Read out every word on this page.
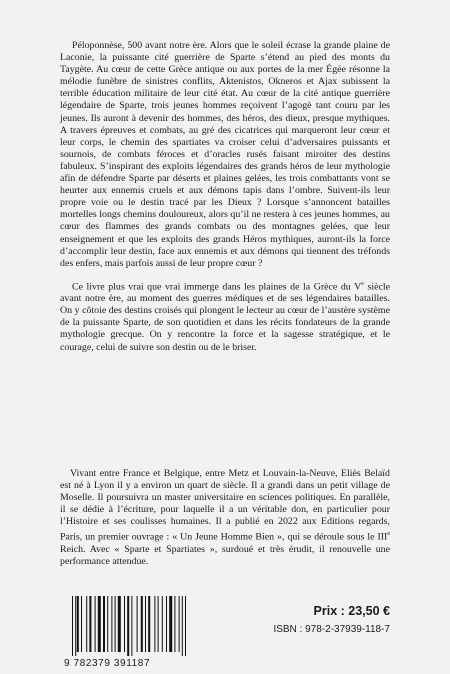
Péloponnèse, 500 avant notre ère. Alors que le soleil écrase la grande plaine de Laconie, la puissante cité guerrière de Sparte s’étend au pied des monts du Taygète. Au cœur de cette Grèce antique ou aux portes de la mer Égée résonne la mélodie funèbre de sinistres conflits, Aktenistos, Okneros et Ajax subissent la terrible éducation militaire de leur cité état. Au cœur de la cité antique guerrière légendaire de Sparte, trois jeunes hommes reçoivent l’agogè tant couru par les jeunes. Ils auront à devenir des hommes, des héros, des dieux, presque mythiques. A travers épreuves et combats, au gré des cicatrices qui marqueront leur cœur et leur corps, le chemin des spartiates va croiser celui d’adversaires puissants et sournois, de combats féroces et d’oracles rusés faisant miroiter des destins fabuleux. S’inspirant des exploits légendaires des grands héros de leur mythologie afin de défendre Sparte par déserts et plaines gelées, les trois combattants vont se heurter aux ennemis cruels et aux démons tapis dans l’ombre. Suivent-ils leur propre voie ou le destin tracé par les Dieux ? Lorsque s’annoncent batailles mortelles longs chemins douloureux, alors qu’il ne restera à ces jeunes hommes, au cœur des flammes des grands combats ou des montagnes gelées, que leur enseignement et que les exploits des grands Héros mythiques, auront-ils la force d’accomplir leur destin, face aux ennemis et aux démons qui tiennent des tréfonds des enfers, mais parfois aussi de leur propre cœur ?

Ce livre plus vrai que vrai immerge dans les plaines de la Grèce du Ve siècle avant notre ère, au moment des guerres médiques et de ses légendaires batailles. On y côtoie des destins croisés qui plongent le lecteur au cœur de l’austère système de la puissante Sparte, de son quotidien et dans les récits fondateurs de la grande mythologie grecque. On y rencontre la force et la sagesse stratégique, et le courage, celui de suivre son destin ou de le briser.

Vivant entre France et Belgique, entre Metz et Louvain-la-Neuve, Eliès Belaïd est né à Lyon il y a environ un quart de siècle. Il a grandi dans un petit village de Moselle. Il poursuivra un master universitaire en sciences politiques. En parallèle, il se dédie à l’écriture, pour laquelle il a un véritable don, en particulier pour l’Histoire et ses coulisses humaines. Il a publié en 2022 aux Editions regards, Paris, un premier ouvrage : « Un Jeune Homme Bien », qui se déroule sous le IIIe Reich. Avec « Sparte et Spartiates », surdoué et très érudit, il renouvelle une performance attendue.

9 782379 391187
Prix : 23,50 €
ISBN : 978-2-37939-118-7
